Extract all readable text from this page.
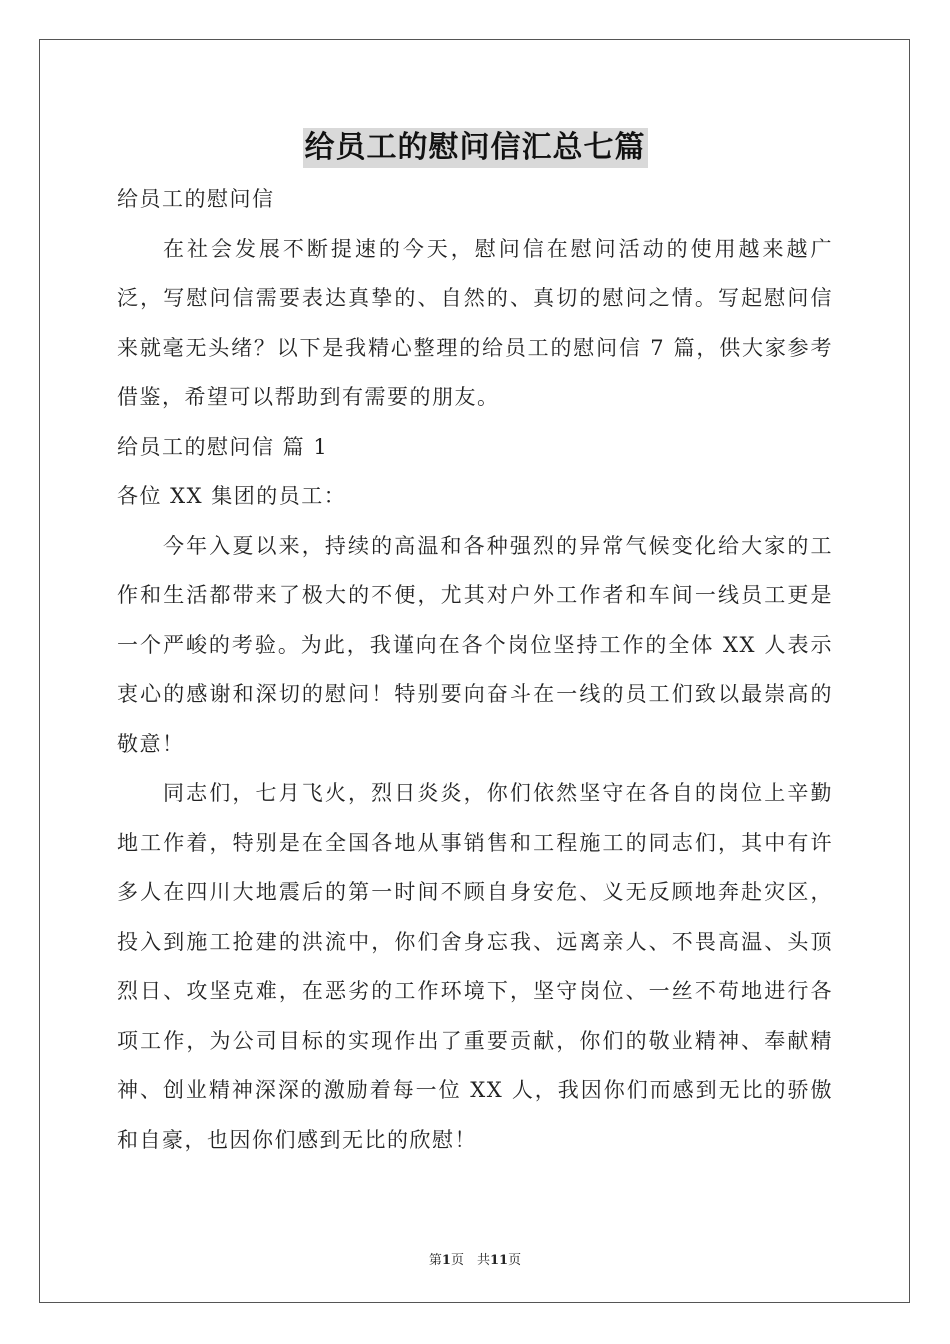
给员工的慰问信汇总七篇

给员工的慰问信

在社会发展不断提速的今天，慰问信在慰问活动的使用越来越广泛，写慰问信需要表达真挚的、自然的、真切的慰问之情。写起慰问信来就毫无头绪？以下是我精心整理的给员工的慰问信 7 篇，供大家参考借鉴，希望可以帮助到有需要的朋友。

给员工的慰问信 篇 1

各位 XX 集团的员工：

今年入夏以来，持续的高温和各种强烈的异常气候变化给大家的工作和生活都带来了极大的不便，尤其对户外工作者和车间一线员工更是一个严峻的考验。为此，我谨向在各个岗位坚持工作的全体 XX 人表示衷心的感谢和深切的慰问！特别要向奋斗在一线的员工们致以最崇高的敬意！

同志们，七月飞火，烈日炎炎，你们依然坚守在各自的岗位上辛勤地工作着，特别是在全国各地从事销售和工程施工的同志们，其中有许多人在四川大地震后的第一时间不顾自身安危、义无反顾地奔赴灾区，投入到施工抢建的洪流中，你们舍身忘我、远离亲人、不畏高温、头顶烈日、攻坚克难，在恶劣的工作环境下，坚守岗位、一丝不苟地进行各项工作，为公司目标的实现作出了重要贡献，你们的敬业精神、奉献精神、创业精神深深的激励着每一位 XX 人，我因你们而感到无比的骄傲和自豪，也因你们感到无比的欣慰！

第1页　共11页
